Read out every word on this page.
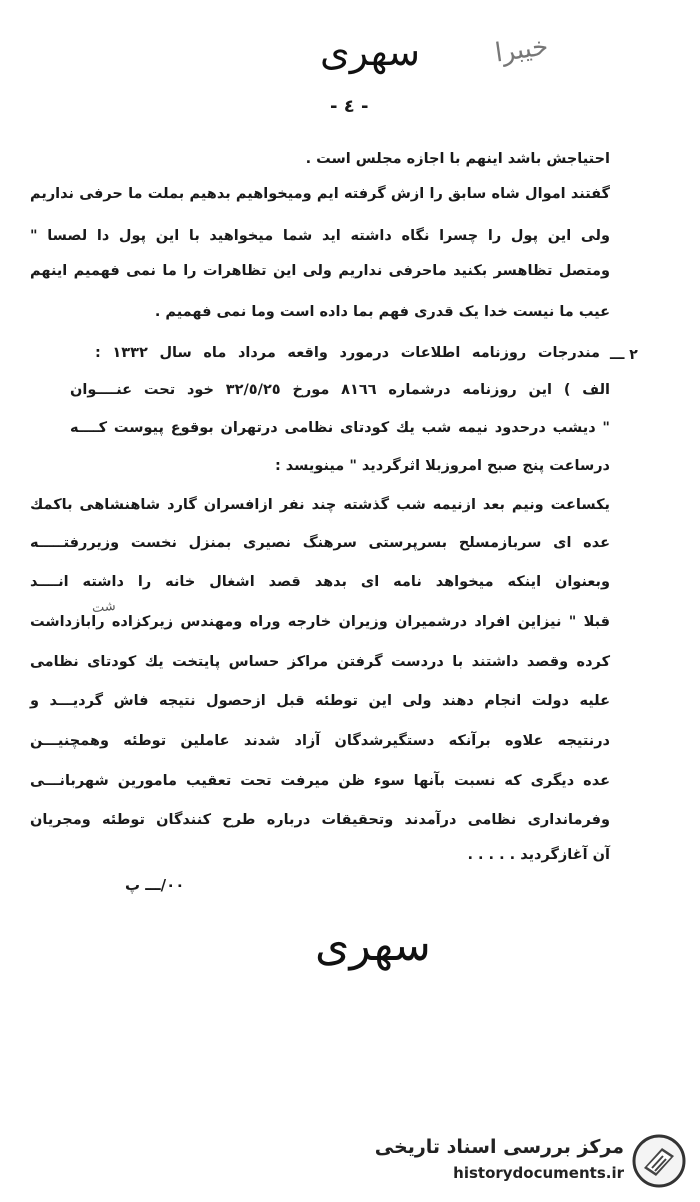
سهری	خیبرا
- ٤ -
احتیاجش باشد اینهم با اجازه مجلس است .
گفتند اموال شاه سابق را ازش گرفته ایم ومیخواهیم بدهیم بملت ما حرفی نداریم
ولی این پول را چسرا نگاه داشته اید شما میخواهید با این پول دا لصسا "
ومتصل تظاهسر بکنید ماحرفی نداریم ولی این تظاهرات را ما نمی فهمیم اینهم
عیب ما نیست خدا یک قدری فهم بما داده است وما نمی فهمیم .
٢ ـــ
مندرجات روزنامه اطلاعات درمورد واقعه مرداد ماه سال ١٣٣٢ :
الف ) این روزنامه درشماره ٨١٦٦ مورخ ٣٢/٥/٢٥ خود تحت عنــــوان
" دیشب درحدود نیمه شب یك کودتای نظامی درتهران بوقوع پیوست کــــه
درساعت پنج صبح امروزبلا اثرگردید " مینویسد :
یکساعت ونیم بعد ازنیمه شب گذشته چند نفر ازافسران گارد شاهنشاهی باکمك
عده ای سربازمسلح بسرپرستی سرهنگ نصیری بمنزل نخست وزیررفتـــــه
وبعنوان اینکه میخواهد نامه ای بدهد قصد اشغال خانه را داشته انــــد
قبلا " نیزاین افراد درشمیران وزیران خارجه وراه ومهندس زیرکزاده رابازداشت
کرده وقصد داشتند با دردست گرفتن مراکز حساس پایتخت یك کودتای نظامی
علیه دولت انجام دهند ولی این توطئه قبل ازحصول نتیجه فاش گردیـــد و
درنتیجه علاوه برآنکه دستگیرشدگان آزاد شدند عاملین توطئه وهمچنیـــن
عده دیگری که نسبت بآنها سوء ظن میرفت تحت تعقیب مامورین شهربانـــی
وفرمانداری نظامی درآمدند وتحقیقات درباره طرح کنندگان توطئه ومجریان
آن آغازگردید . . . . .
شت
٠٠/ـــ پ
سهری
مرکز بررسی اسناد تاریخی
historydocuments.ir
